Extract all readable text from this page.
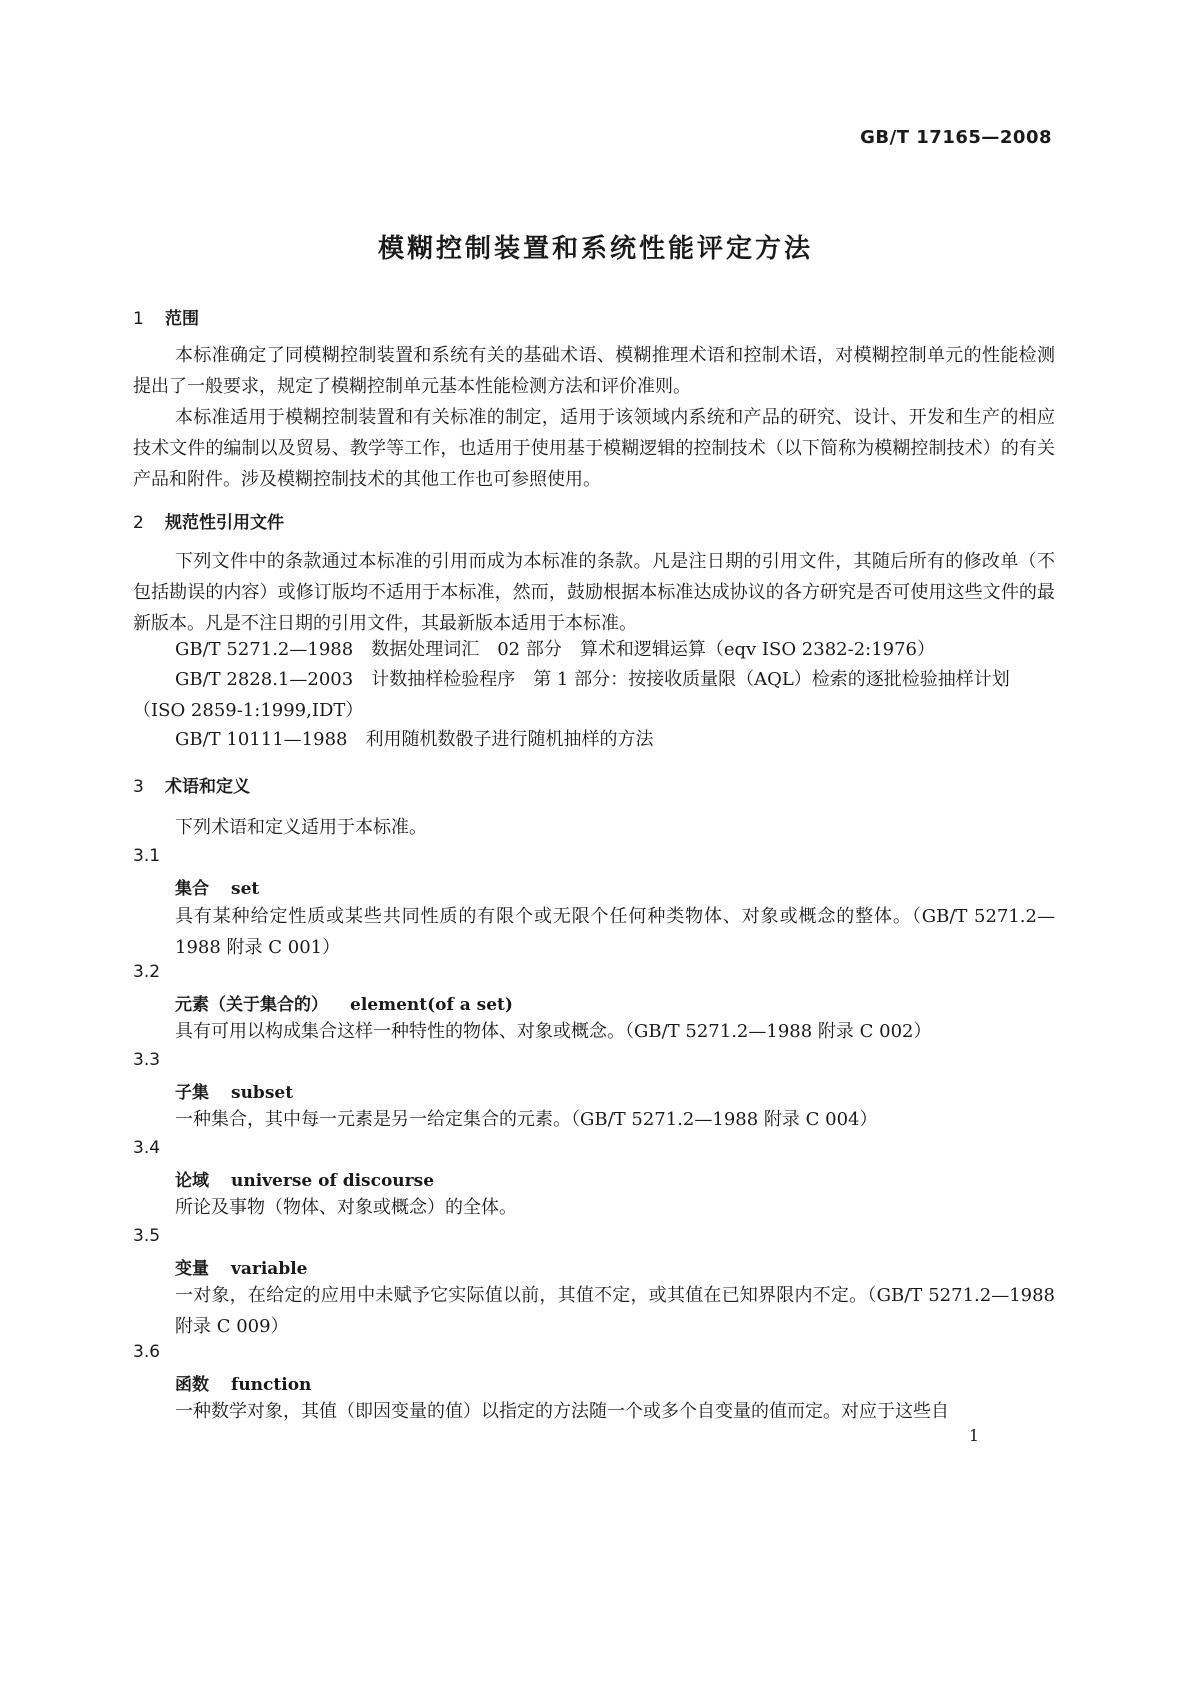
GB/T 17165—2008
模糊控制装置和系统性能评定方法
1 范围

本标准确定了同模糊控制装置和系统有关的基础术语、模糊推理术语和控制术语，对模糊控制单元的性能检测提出了一般要求，规定了模糊控制单元基本性能检测方法和评价准则。

本标准适用于模糊控制装置和有关标准的制定，适用于该领域内系统和产品的研究、设计、开发和生产的相应技术文件的编制以及贸易、教学等工作，也适用于使用基于模糊逻辑的控制技术（以下简称为模糊控制技术）的有关产品和附件。涉及模糊控制技术的其他工作也可参照使用。

2 规范性引用文件

下列文件中的条款通过本标准的引用而成为本标准的条款。凡是注日期的引用文件，其随后所有的修改单（不包括勘误的内容）或修订版均不适用于本标准，然而，鼓励根据本标准达成协议的各方研究是否可使用这些文件的最新版本。凡是不注日期的引用文件，其最新版本适用于本标准。

GB/T 5271.2—1988　数据处理词汇　02 部分　算术和逻辑运算（eqv ISO 2382-2:1976）

GB/T 2828.1—2003　计数抽样检验程序　第 1 部分：按接收质量限（AQL）检索的逐批检验抽样计划（ISO 2859-1:1999,IDT）

GB/T 10111—1988　利用随机数骰子进行随机抽样的方法

3 术语和定义

下列术语和定义适用于本标准。

3.1
集合 set

具有某种给定性质或某些共同性质的有限个或无限个任何种类物体、对象或概念的整体。（GB/T 5271.2—1988 附录 C 001）

3.2
元素（关于集合的） element(of a set)

具有可用以构成集合这样一种特性的物体、对象或概念。（GB/T 5271.2—1988 附录 C 002）

3.3
子集 subset

一种集合，其中每一元素是另一给定集合的元素。（GB/T 5271.2—1988 附录 C 004）

3.4
论域 universe of discourse

所论及事物（物体、对象或概念）的全体。

3.5
变量 variable

一对象，在给定的应用中未赋予它实际值以前，其值不定，或其值在已知界限内不定。（GB/T 5271.2—1988 附录 C 009）

3.6
函数 function

一种数学对象，其值（即因变量的值）以指定的方法随一个或多个自变量的值而定。对应于这些自

1
